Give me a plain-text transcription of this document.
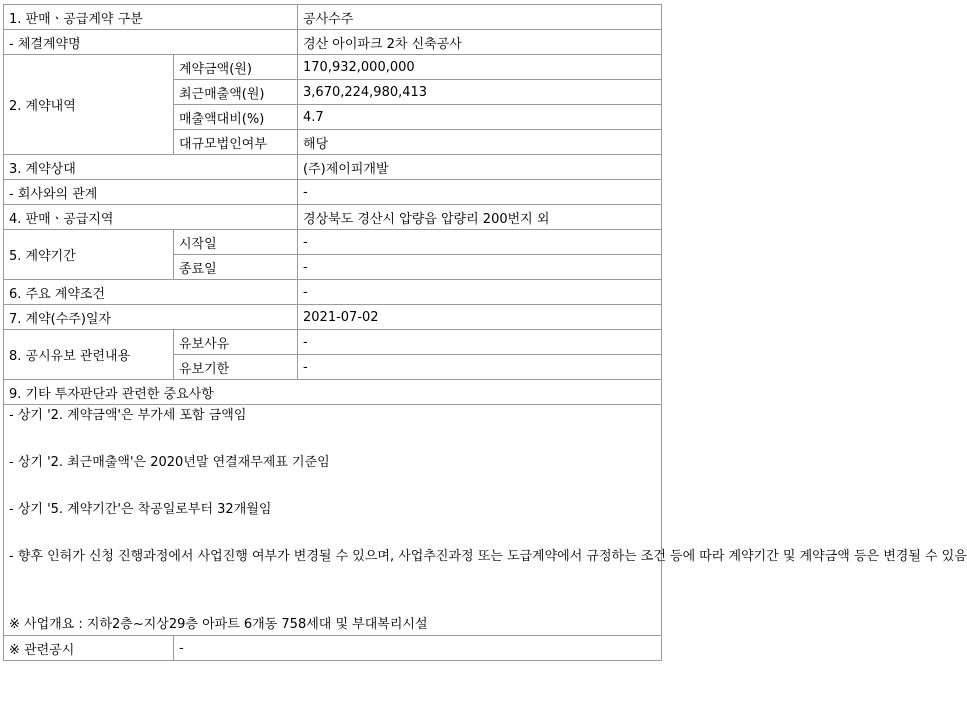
1. 판매ㆍ공급계약 구분		공사수주
- 체결계약명		경산 아이파크 2차 신축공사
2. 계약내역	계약금액(원)	170,932,000,000
	최근매출액(원)	3,670,224,980,413
	매출액대비(%)	4.7
	대규모법인여부	해당
3. 계약상대		(주)제이피개발
- 회사와의 관계		-
4. 판매ㆍ공급지역		경상북도 경산시 압량읍 압량리 200번지 외
5. 계약기간	시작일	-
	종료일	-
6. 주요 계약조건		-
7. 계약(수주)일자		2021-07-02
8. 공시유보 관련내용	유보사유	-
	유보기한	-
9. 기타 투자판단과 관련한 중요사항		

- 상기 '2. 계약금액'은 부가세 포함 금액임

- 상기 '2. 최근매출액'은 2020년말 연결재무제표 기준임

- 상기 '5. 계약기간'은 착공일로부터 32개월임

- 향후 인허가 신청 진행과정에서 사업진행 여부가 변경될 수 있으며, 사업추진과정 또는 도급계약에서 규정하는 조건 등에 따라 계약기간 및 계약금액 등은 변경될 수 있음

※ 사업개요 : 지하2층~지상29층 아파트 6개동 758세대 및 부대복리시설		

※ 관련공시	-	
